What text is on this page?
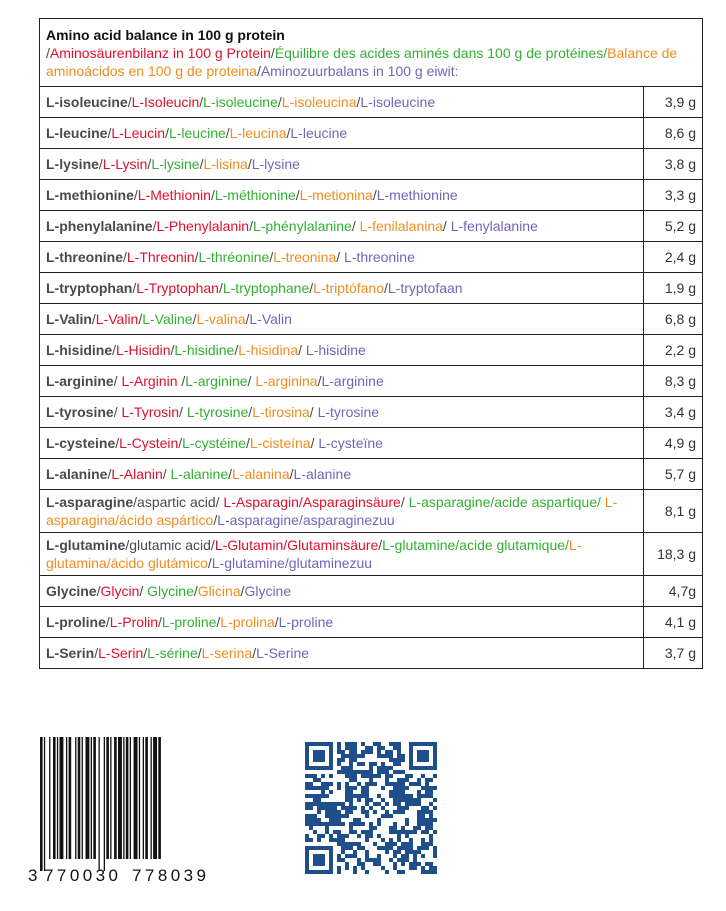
Amino acid balance in 100 g protein
/Aminosäurenbilanz in 100 g Protein/Équilibre des acides aminés dans 100 g de protéines/Balance de aminoácidos en 100 g de proteina/Aminozuurbalans in 100 g eiwit:	

L-isoleucine/L-Isoleucin/L-isoleucine/L-isoleucina/L-isoleucine	3,9 g
L-leucine/L-Leucin/L-leucine/L-leucina/L-leucine	8,6 g
L-lysine/L-Lysin/L-lysine/L-lisina/L-lysine	3,8 g
L-methionine/L-Methionin/L-méthionine/L-metionina/L-methionine	3,3 g
L-phenylalanine/L-Phenylalanin/L-phénylalanine/ L-fenilalanina/ L-fenylalanine	5,2 g
L-threonine/L-Threonin/L-thréonine/L-treonina/ L-threonine	2,4 g
L-tryptophan/L-Tryptophan/L-tryptophane/L-triptófano/L-tryptofaan	1,9 g
L-Valin/L-Valin/L-Valine/L-valina/L-Valin	6,8 g
L-hisidine/L-Hisidin/L-hisidine/L-hisidina/ L-hisidine	2,2 g
L-arginine/ L-Arginin /L-arginine/ L-arginina/L-arginine	8,3 g
L-tyrosine/ L-Tyrosin/ L-tyrosine/L-tirosina/ L-tyrosine	3,4 g
L-cysteine/L-Cystein/L-cystéine/L-cisteína/ L-cysteïne	4,9 g
L-alanine/L-Alanin/ L-alanine/L-alanina/L-alanine	5,7 g
L-asparagine/aspartic acid/ L-Asparagin/Asparaginsäure/ L-asparagine/acide aspartique/ L-asparagina/ácido aspártico/L-asparagine/asparaginezuu	8,1 g
L-glutamine/glutamic acid/L-Glutamin/Glutaminsäure/L-glutamine/acide glutamique/L-glutamina/ácido glutámico/L-glutamine/glutaminezuu	18,3 g
Glycine/Glycin/ Glycine/Glicina/Glycine	4,7g
L-proline/L-Prolin/L-proline/L-prolina/L-proline	4,1 g
L-Serin/L-Serin/L-sérine/L-serina/L-Serine	3,7 g
3 770030 778039
